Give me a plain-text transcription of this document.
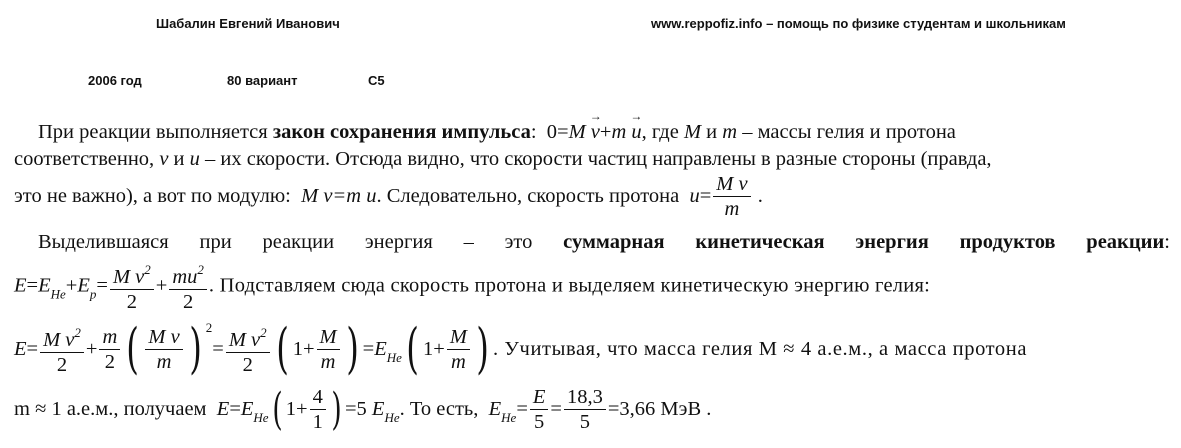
Шабалин Евгений Иванович	www.reppofiz.info – помощь по физике студентам и школьникам
2006 год	80 вариант	C5
При реакции выполняется закон сохранения импульса: 0=M v →+m u →, где M и m – массы гелия и протона
соответственно, v и u – их скорости. Отсюда видно, что скорости частиц направлены в разные стороны (правда,
это не важно), а вот по модулю: M v=m u. Следовательно, скорость протона $u= \frac{\text{M v}}{m}$ .
Выделившаяся при реакции энергия – это суммарная кинетическая энергия продуктов реакции:
$E=E_{He}+E_p= \frac{M v^2}{2} + \frac{mu^2}{2}$ . Подставляем сюда скорость протона и выделяем кинетическую энергию гелия:
$E= \frac{M v^2}{2} + \frac{m}{2}$ ( $\frac{\text{M v}}{m}$ ) $^2= \frac{M v^2}{2}$ ( $1+ \frac{M}{m}$ ) $=E_{He}$( $1+ \frac{M}{m}$ ) . Учитывая, что масса гелия M ≈ 4 а.е.м., а масса протона
m ≈ 1 а.е.м., получаем $E=E_{He}$( $1+ \frac{4}{1}$ ) =5 $E_{He}$. То есть, $E_{He}= \frac{E}{5} = \frac{18,3}{5} =3,66$ МэВ .
